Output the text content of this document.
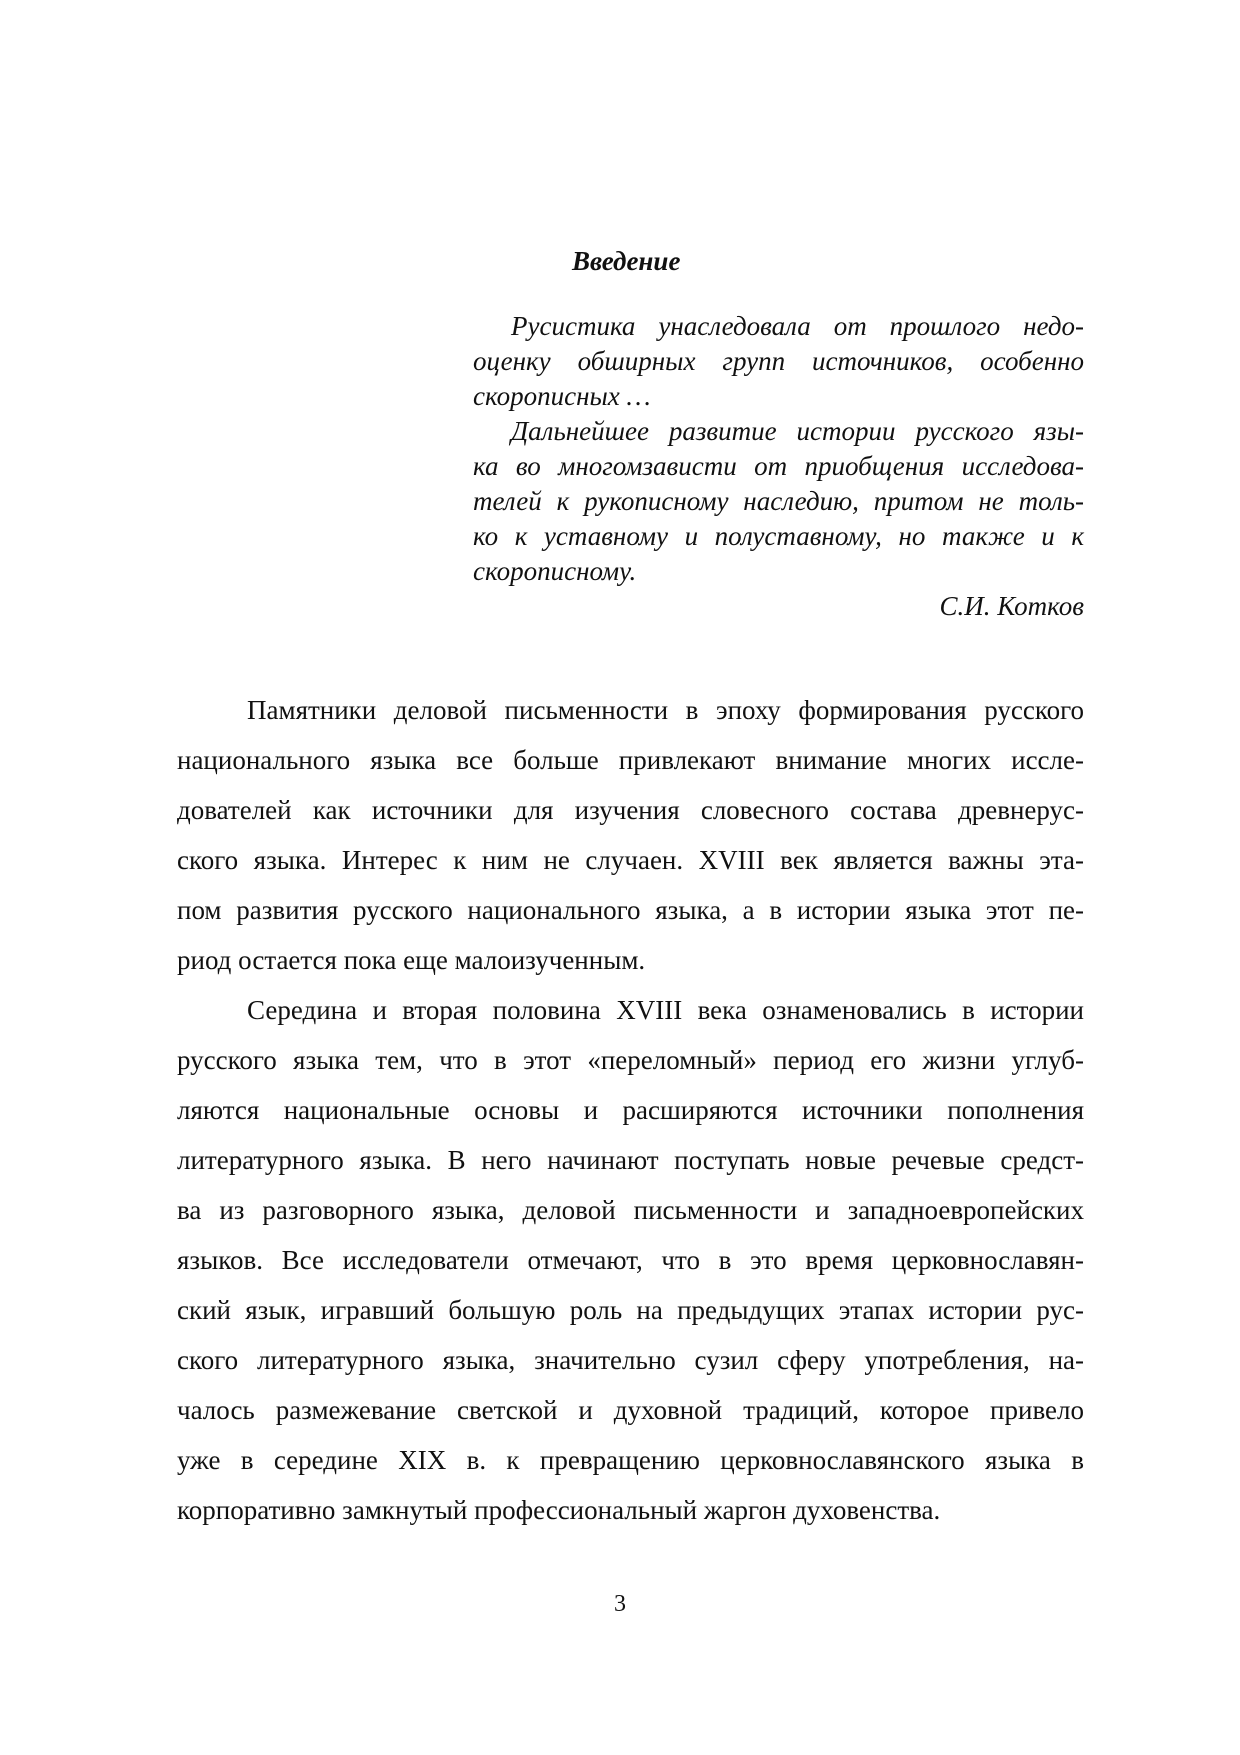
Введение
Русистика унаследовала от прошлого недо-
оценку обширных групп источников, особенно
скорописных …
Дальнейшее развитие истории русского язы-
ка во многомзависти от приобщения исследова-
телей к рукописному наследию, притом не толь-
ко к уставному и полуставному, но также и к
скорописному.
С.И. Котков
Памятники деловой письменности в эпоху формирования русского
национального языка все больше привлекают внимание многих иссле-
дователей как источники для изучения словесного состава древнерус-
ского языка. Интерес к ним не случаен. XVIII век является важны эта-
пом развития русского национального языка, а в истории языка этот пе-
риод остается пока еще малоизученным.
Середина и вторая половина XVIII века ознаменовались в истории
русского языка тем, что в этот «переломный» период его жизни углуб-
ляются национальные основы и расширяются источники пополнения
литературного языка. В него начинают поступать новые речевые средст-
ва из разговорного языка, деловой письменности и западноевропейских
языков. Все исследователи отмечают, что в это время церковнославян-
ский язык, игравший большую роль на предыдущих этапах истории рус-
ского литературного языка, значительно сузил сферу употребления, на-
чалось размежевание светской и духовной традиций, которое привело
уже в середине XIX в. к превращению церковнославянского языка в
корпоративно замкнутый профессиональный жаргон духовенства.
3
